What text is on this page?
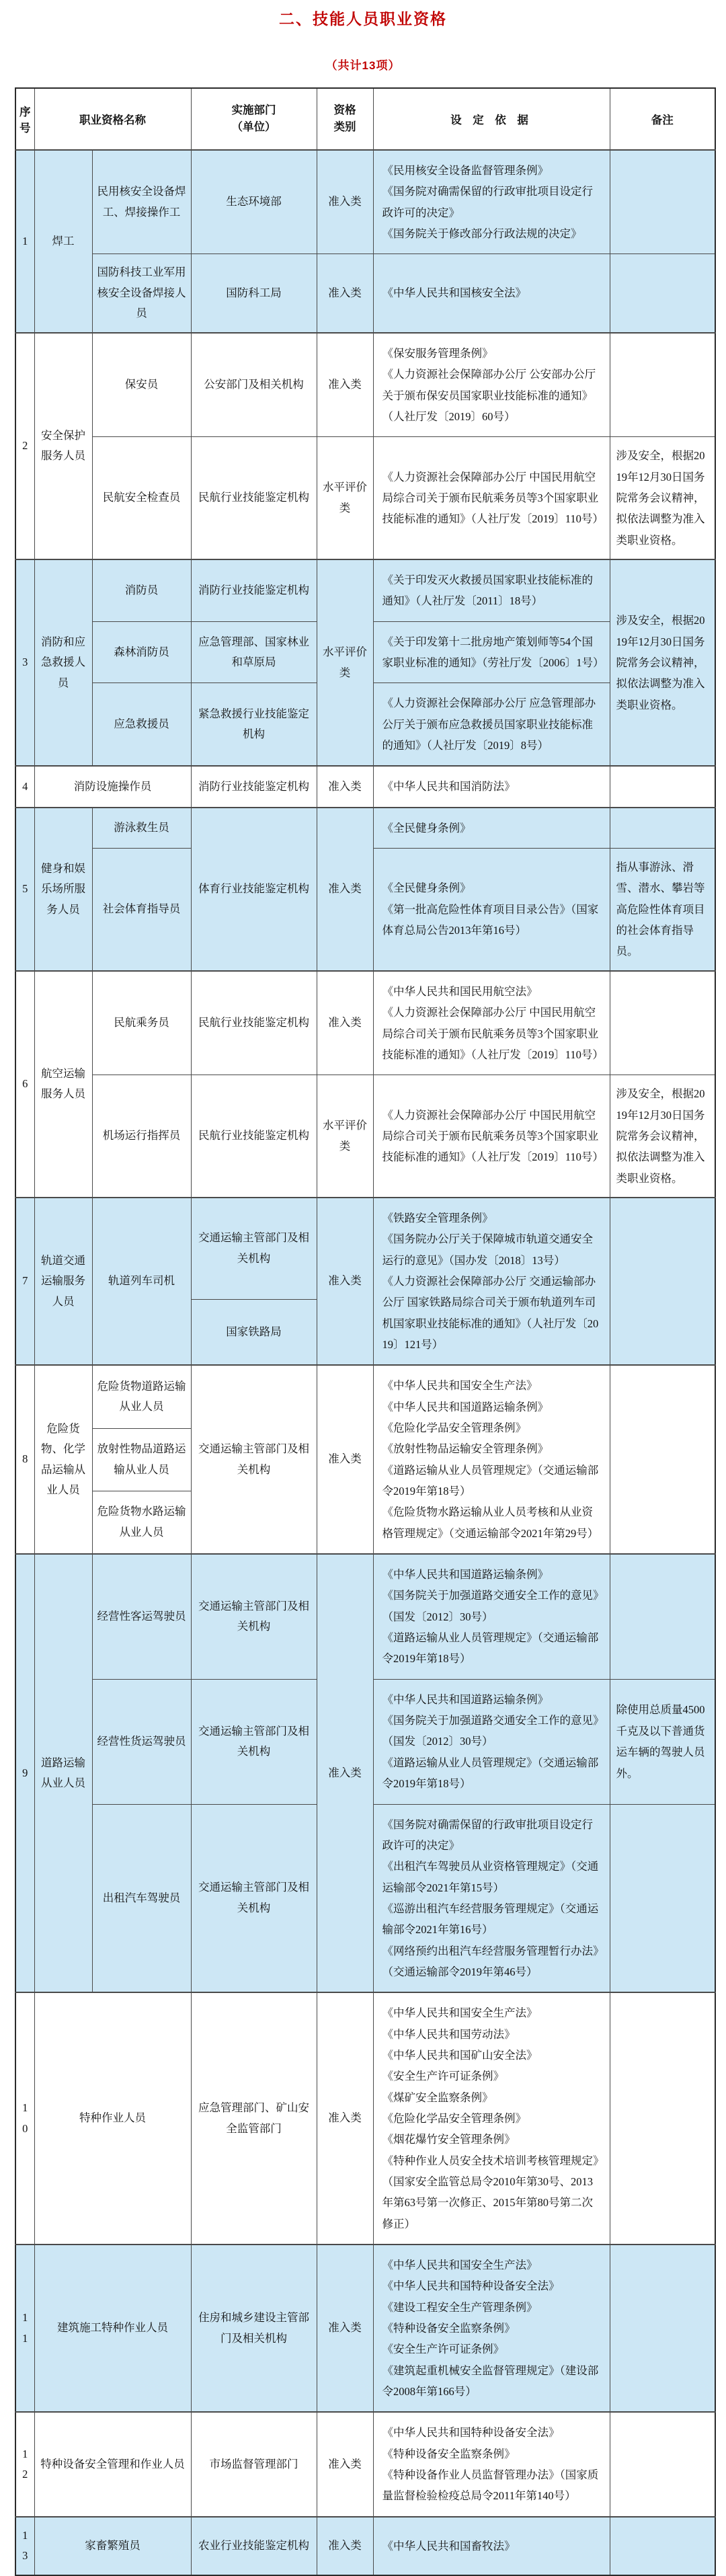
二、技能人员职业资格
（共计13项）
序号	职业资格名称		实施部门
（单位）	资格
类别	设 定 依 据	备注
1	焊工	民用核安全设备焊工、焊接操作工	生态环境部	准入类	《民用核安全设备监督管理条例》
《国务院对确需保留的行政审批项目设定行政许可的决定》
《国务院关于修改部分行政法规的决定》	

		国防科技工业军用核安全设备焊接人员	国防科工局	准入类	《中华人民共和国核安全法》	

2	安全保护服务人员	保安员	公安部门及相关机构	准入类	《保安服务管理条例》
《人力资源社会保障部办公厅 公安部办公厅关于颁布保安员国家职业技能标准的通知》（人社厅发〔2019〕60号）	

		民航安全检查员	民航行业技能鉴定机构	水平评价类	《人力资源社会保障部办公厅 中国民用航空局综合司关于颁布民航乘务员等3个国家职业技能标准的通知》（人社厅发〔2019〕110号）	涉及安全，根据2019年12月30日国务院常务会议精神，拟依法调整为准入类职业资格。
3	消防和应急救援人员	消防员	消防行业技能鉴定机构	水平评价类	《关于印发灭火救援员国家职业技能标准的通知》（人社厅发〔2011〕18号）	涉及安全，根据2019年12月30日国务院常务会议精神，拟依法调整为准入类职业资格。
		森林消防员	应急管理部、国家林业和草原局		《关于印发第十二批房地产策划师等54个国家职业标准的通知》（劳社厅发〔2006〕1号）	

		应急救援员	紧急救援行业技能鉴定机构		《人力资源社会保障部办公厅 应急管理部办公厅关于颁布应急救援员国家职业技能标准的通知》（人社厅发〔2019〕8号）	

4	消防设施操作员		消防行业技能鉴定机构	准入类	《中华人民共和国消防法》	

5	健身和娱乐场所服务人员	游泳救生员	体育行业技能鉴定机构	准入类	《全民健身条例》	

		社会体育指导员			《全民健身条例》
《第一批高危险性体育项目目录公告》（国家体育总局公告2013年第16号）	指从事游泳、滑雪、潜水、攀岩等高危险性体育项目的社会体育指导员。
6	航空运输服务人员	民航乘务员	民航行业技能鉴定机构	准入类	《中华人民共和国民用航空法》
《人力资源社会保障部办公厅 中国民用航空局综合司关于颁布民航乘务员等3个国家职业技能标准的通知》（人社厅发〔2019〕110号）	

		机场运行指挥员	民航行业技能鉴定机构	水平评价类	《人力资源社会保障部办公厅 中国民用航空局综合司关于颁布民航乘务员等3个国家职业技能标准的通知》（人社厅发〔2019〕110号）	涉及安全，根据2019年12月30日国务院常务会议精神，拟依法调整为准入类职业资格。
7	轨道交通运输服务人员	轨道列车司机	交通运输主管部门及相关机构	准入类	《铁路安全管理条例》
《国务院办公厅关于保障城市轨道交通安全运行的意见》（国办发〔2018〕13号）
《人力资源社会保障部办公厅 交通运输部办公厅 国家铁路局综合司关于颁布轨道列车司机国家职业技能标准的通知》（人社厅发〔2019〕121号）	

			国家铁路局			
8	危险货物、化学品运输从业人员	危险货物道路运输从业人员	交通运输主管部门及相关机构	准入类	
《中华人民共和国安全生产法》
《中华人民共和国道路运输条例》
《危险化学品安全管理条例》
《放射性物品运输安全管理条例》
《道路运输从业人员管理规定》（交通运输部令2019年第18号）
《危险货物水路运输从业人员考核和从业资格管理规定》（交通运输部令2021年第29号）

		放射性物品道路运输从业人员				
		危险货物水路运输从业人员				
9	道路运输从业人员	经营性客运驾驶员	交通运输主管部门及相关机构	准入类	《中华人民共和国道路运输条例》
《国务院关于加强道路交通安全工作的意见》（国发〔2012〕30号）
《道路运输从业人员管理规定》（交通运输部令2019年第18号）	

		经营性货运驾驶员	交通运输主管部门及相关机构		《中华人民共和国道路运输条例》
《国务院关于加强道路交通安全工作的意见》（国发〔2012〕30号）
《道路运输从业人员管理规定》（交通运输部令2019年第18号）	除使用总质量4500千克及以下普通货运车辆的驾驶人员外。
		出租汽车驾驶员	交通运输主管部门及相关机构		《国务院对确需保留的行政审批项目设定行政许可的决定》
《出租汽车驾驶员从业资格管理规定》（交通运输部令2021年第15号）
《巡游出租汽车经营服务管理规定》（交通运输部令2021年第16号）
《网络预约出租汽车经营服务管理暂行办法》（交通运输部令2019年第46号）	

10	特种作业人员	应急管理部门、矿山安全监管部门	准入类	
《中华人民共和国安全生产法》
《中华人民共和国劳动法》
《中华人民共和国矿山安全法》
《安全生产许可证条例》
《煤矿安全监察条例》
《危险化学品安全管理条例》
《烟花爆竹安全管理条例》
《特种作业人员安全技术培训考核管理规定》（国家安全监管总局令2010年第30号、2013年第63号第一次修正、2015年第80号第二次修正）

11	建筑施工特种作业人员	住房和城乡建设主管部门及相关机构	准入类	
《中华人民共和国安全生产法》
《中华人民共和国特种设备安全法》
《建设工程安全生产管理条例》
《特种设备安全监察条例》
《安全生产许可证条例》
《建筑起重机械安全监督管理规定》（建设部令2008年第166号）

12	特种设备安全管理和作业人员		市场监督管理部门	准入类	《中华人民共和国特种设备安全法》
《特种设备安全监察条例》
《特种设备作业人员监督管理办法》（国家质量监督检验检疫总局令2011年第140号）	

13	家畜繁殖员		农业行业技能鉴定机构	准入类	《中华人民共和国畜牧法》	
